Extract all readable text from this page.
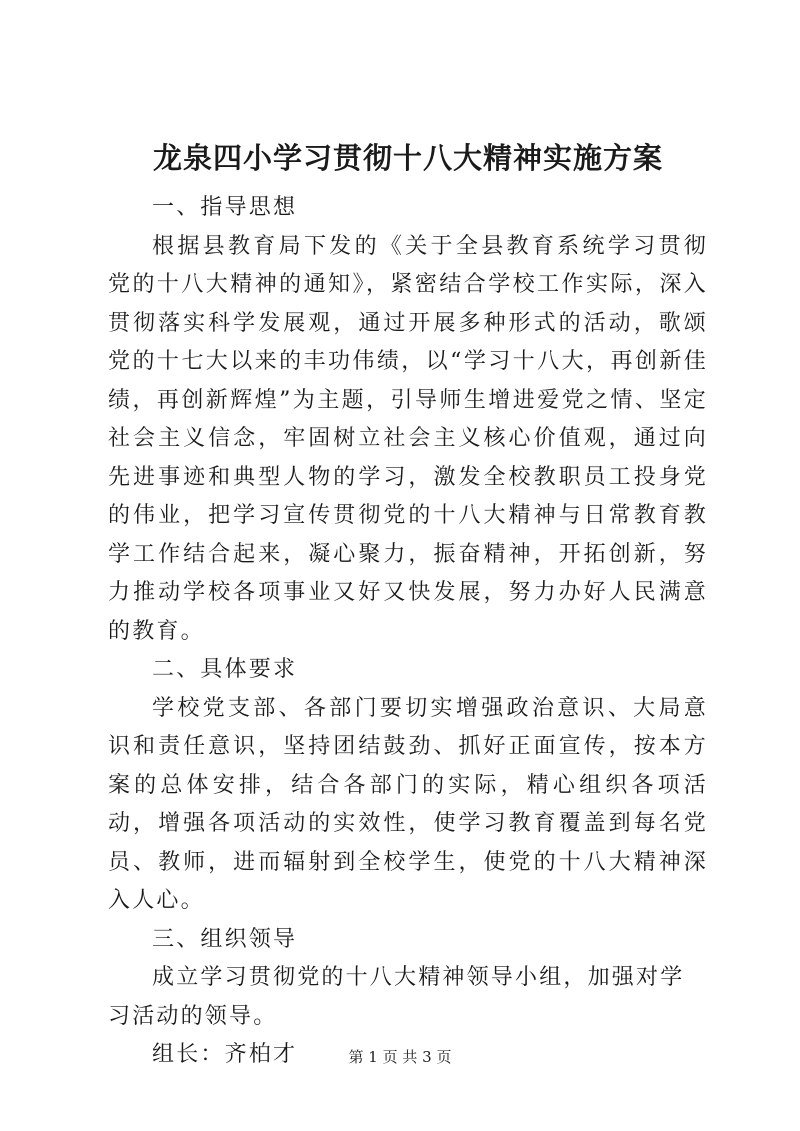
龙泉四小学习贯彻十八大精神实施方案

一、指导思想

根据县教育局下发的《关于全县教育系统学习贯彻党的十八大精神的通知》，紧密结合学校工作实际，深入贯彻落实科学发展观，通过开展多种形式的活动，歌颂党的十七大以来的丰功伟绩，以“学习十八大，再创新佳绩，再创新辉煌”为主题，引导师生增进爱党之情、坚定社会主义信念，牢固树立社会主义核心价值观，通过向先进事迹和典型人物的学习，激发全校教职员工投身党的伟业，把学习宣传贯彻党的十八大精神与日常教育教学工作结合起来，凝心聚力，振奋精神，开拓创新，努力推动学校各项事业又好又快发展，努力办好人民满意的教育。

二、具体要求

学校党支部、各部门要切实增强政治意识、大局意识和责任意识，坚持团结鼓劲、抓好正面宣传，按本方案的总体安排，结合各部门的实际，精心组织各项活动，增强各项活动的实效性，使学习教育覆盖到每名党员、教师，进而辐射到全校学生，使党的十八大精神深入人心。

三、组织领导

成立学习贯彻党的十八大精神领导小组，加强对学习活动的领导。

组长：齐柏才	第 1 页 共 3 页
